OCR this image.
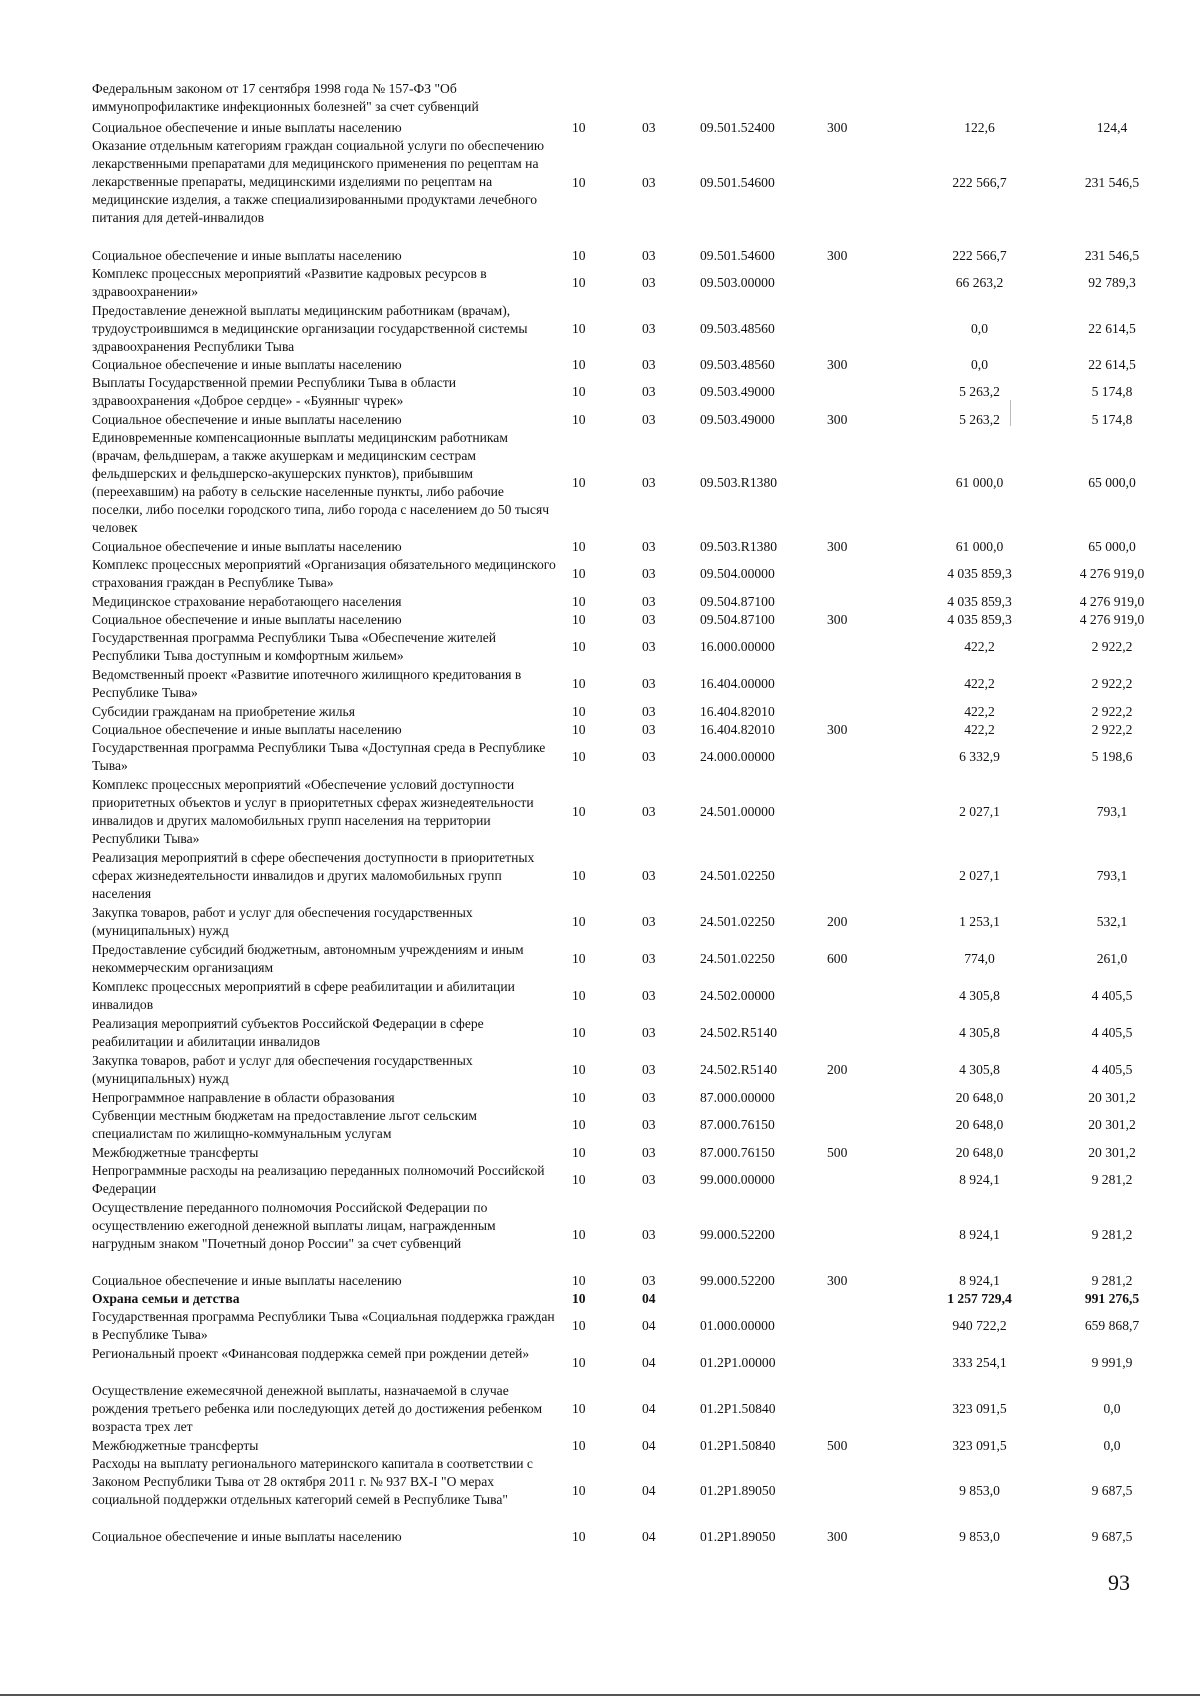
Федеральным законом от 17 сентября 1998 года № 157-ФЗ "Об иммунопрофилактике инфекционных болезней" за счет субвенций
Социальное обеспечение и иные выплаты населению	10	03	09.501.52400	300	122,6	124,4
Оказание отдельным категориям граждан социальной услуги по обеспечению лекарственными препаратами для медицинского применения по рецептам на лекарственные препараты, медицинскими изделиями по рецептам на медицинские изделия, а также специализированными продуктами лечебного питания для детей-инвалидов
10	03	09.501.54600	222 566,7	231 546,5
Социальное обеспечение и иные выплаты населению	10	03	09.501.54600	300	222 566,7	231 546,5
Комплекс процессных мероприятий «Развитие кадровых ресурсов в здравоохранении»
10	03	09.503.00000	66 263,2	92 789,3
Предоставление денежной выплаты медицинским работникам (врачам), трудоустроившимся в медицинские организации государственной системы здравоохранения Республики Тыва
10	03	09.503.48560	0,0	22 614,5
Социальное обеспечение и иные выплаты населению	10	03	09.503.48560	300	0,0	22 614,5
Выплаты Государственной премии Республики Тыва в области здравоохранения «Доброе сердце» - «Буянныг чүрек»
10	03	09.503.49000	5 263,2	5 174,8
Социальное обеспечение и иные выплаты населению	10	03	09.503.49000	300	5 263,2	5 174,8
Единовременные компенсационные выплаты медицинским работникам (врачам, фельдшерам, а также акушеркам и медицинским сестрам фельдшерских и фельдшерско-акушерских пунктов), прибывшим (переехавшим) на работу в сельские населенные пункты, либо рабочие поселки, либо поселки городского типа, либо города с населением до 50 тысяч человек
10	03	09.503.R1380	61 000,0	65 000,0
Социальное обеспечение и иные выплаты населению	10	03	09.503.R1380	300	61 000,0	65 000,0
Комплекс процессных мероприятий «Организация обязательного медицинского страхования граждан в Республике Тыва»
10	03	09.504.00000	4 035 859,3	4 276 919,0
Медицинское страхование неработающего населения	10	03	09.504.87100	4 035 859,3	4 276 919,0
Социальное обеспечение и иные выплаты населению	10	03	09.504.87100	300	4 035 859,3	4 276 919,0
Государственная программа Республики Тыва «Обеспечение жителей Республики Тыва доступным и комфортным жильем»
10	03	16.000.00000	422,2	2 922,2
Ведомственный проект «Развитие ипотечного жилищного кредитования в Республике Тыва»
10	03	16.404.00000	422,2	2 922,2
Субсидии гражданам на приобретение жилья	10	03	16.404.82010	422,2	2 922,2
Социальное обеспечение и иные выплаты населению	10	03	16.404.82010	300	422,2	2 922,2
Государственная программа Республики Тыва «Доступная среда в Республике Тыва»
10	03	24.000.00000	6 332,9	5 198,6
Комплекс процессных мероприятий «Обеспечение условий доступности приоритетных объектов и услуг в приоритетных сферах жизнедеятельности инвалидов и других маломобильных групп населения на территории Республики Тыва»
10	03	24.501.00000	2 027,1	793,1
Реализация мероприятий в сфере обеспечения доступности в приоритетных сферах жизнедеятельности инвалидов и других маломобильных групп населения
10	03	24.501.02250	2 027,1	793,1
Закупка товаров, работ и услуг для обеспечения государственных (муниципальных) нужд
10	03	24.501.02250	200	1 253,1	532,1
Предоставление субсидий бюджетным, автономным учреждениям и иным некоммерческим организациям
10	03	24.501.02250	600	774,0	261,0
Комплекс процессных мероприятий в сфере реабилитации и абилитации инвалидов
10	03	24.502.00000	4 305,8	4 405,5
Реализация мероприятий субъектов Российской Федерации в сфере реабилитации и абилитации инвалидов
10	03	24.502.R5140	4 305,8	4 405,5
Закупка товаров, работ и услуг для обеспечения государственных (муниципальных) нужд
10	03	24.502.R5140	200	4 305,8	4 405,5
Непрограммное направление в области образования	10	03	87.000.00000	20 648,0	20 301,2
Субвенции местным бюджетам на предоставление льгот сельским специалистам по жилищно-коммунальным услугам
10	03	87.000.76150	20 648,0	20 301,2
Межбюджетные трансферты	10	03	87.000.76150	500	20 648,0	20 301,2
Непрограммные расходы на реализацию переданных полномочий Российской Федерации
10	03	99.000.00000	8 924,1	9 281,2
Осуществление переданного полномочия Российской Федерации по осуществлению ежегодной денежной выплаты лицам, награжденным нагрудным знаком "Почетный донор России" за счет субвенций
10	03	99.000.52200	8 924,1	9 281,2
Социальное обеспечение и иные выплаты населению	10	03	99.000.52200	300	8 924,1	9 281,2
Охрана семьи и детства	10	04	1 257 729,4	991 276,5
Государственная программа Республики Тыва «Социальная поддержка граждан в Республике Тыва»
10	04	01.000.00000	940 722,2	659 868,7
Региональный проект «Финансовая поддержка семей при рождении детей»
10	04	01.2P1.00000	333 254,1	9 991,9
Осуществление ежемесячной денежной выплаты, назначаемой в случае рождения третьего ребенка или последующих детей до достижения ребенком возраста трех лет
10	04	01.2P1.50840	323 091,5	0,0
Межбюджетные трансферты	10	04	01.2P1.50840	500	323 091,5	0,0
Расходы на выплату регионального материнского капитала в соответствии с Законом Республики Тыва от 28 октября 2011 г. № 937 ВХ-I "О мерах социальной поддержки отдельных категорий семей в Республике Тыва"
10	04	01.2P1.89050	9 853,0	9 687,5
Социальное обеспечение и иные выплаты населению	10	04	01.2P1.89050	300	9 853,0	9 687,5
93
